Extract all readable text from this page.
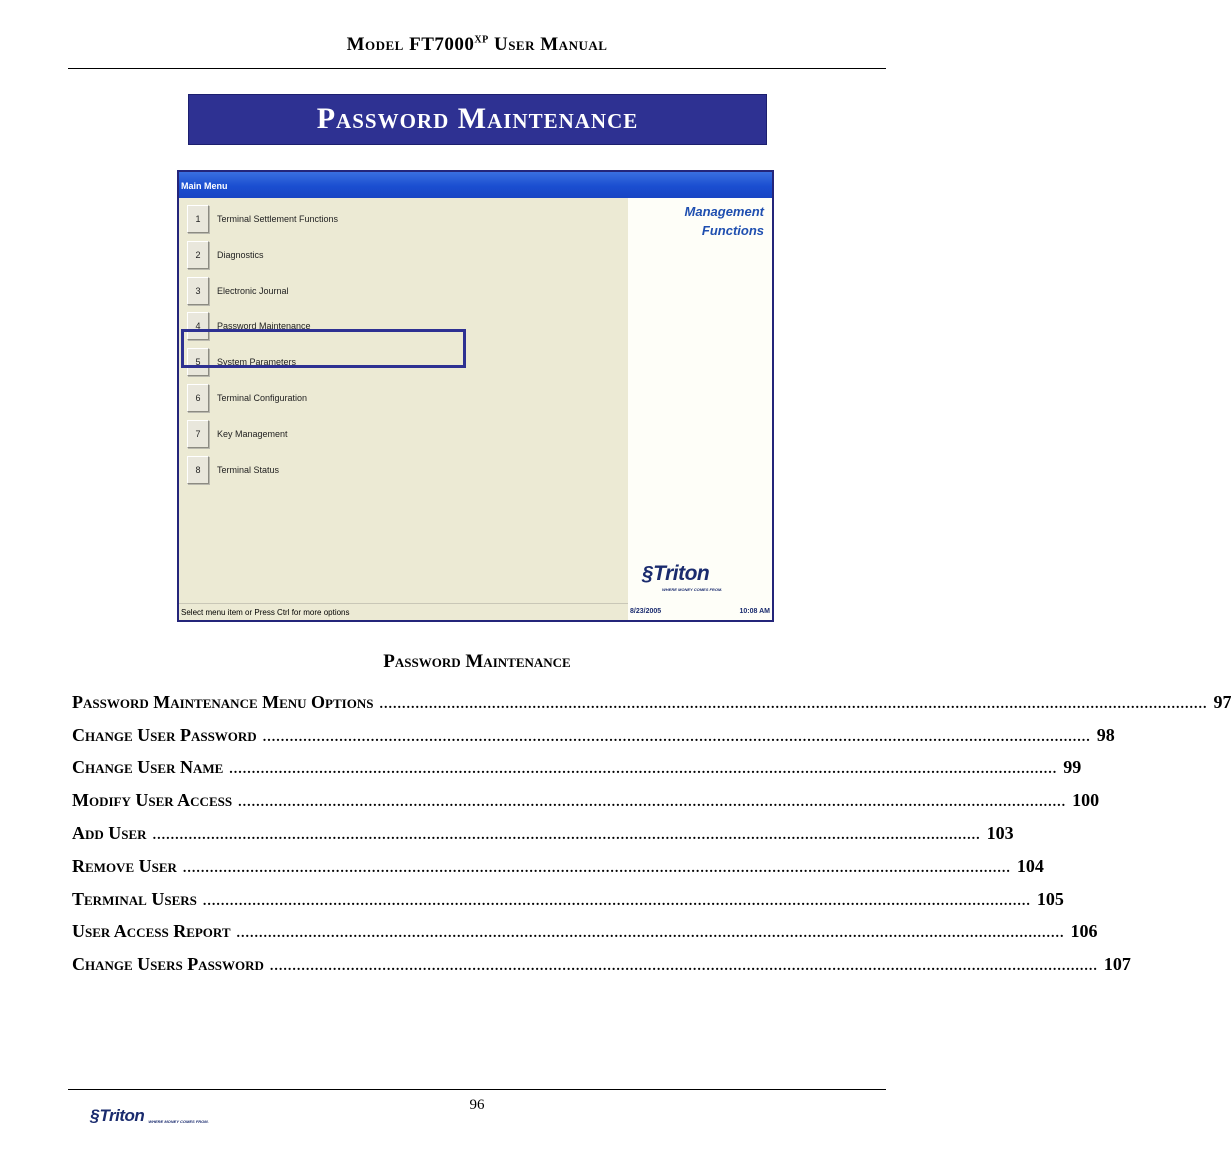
Model $FT7000^{XP}$ User Manual
Password Maintenance
Main Menu
1	Terminal Settlement Functions
2	Diagnostics
3	Electronic Journal
4	Password Maintenance
5	System Parameters
6	Terminal Configuration
7	Key Management
8	Terminal Status
Management
Functions
§ Triton
WHERE MONEY COMES FROM.
Select menu item or Press Ctrl for more options	8/23/2005	10:08 AM
Password Maintenance
Password Maintenance Menu Options ........................................................................................................................................................................................ 97
Change User Password ........................................................................................................................................................................................ 98
Change User Name ........................................................................................................................................................................................ 99
Modify User Access ........................................................................................................................................................................................ 100
Add User ........................................................................................................................................................................................ 103
Remove User ........................................................................................................................................................................................ 104
Terminal Users ........................................................................................................................................................................................ 105
User Access Report ........................................................................................................................................................................................ 106
Change Users Password ........................................................................................................................................................................................ 107
96
§ Triton WHERE MONEY COMES FROM.
